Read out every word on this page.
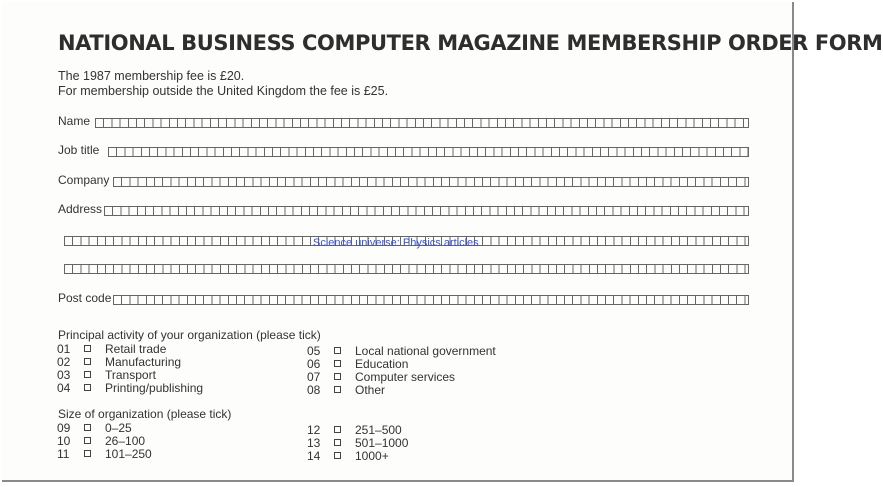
NATIONAL BUSINESS COMPUTER MAGAZINE MEMBERSHIP ORDER FORM
The 1987 membership fee is £20.
For membership outside the United Kingdom the fee is £25.
Name
Job title
Company
Address
Post code
Science universe: Physics articles
Principal activity of your organization (please tick)
01	Retail trade
02	Manufacturing
03	Transport
04	Printing/publishing
05	Local national government
06	Education
07	Computer services
08	Other
Size of organization (please tick)
09	0–25
10	26–100
11	101–250
12	251–500
13	501–1000
14	1000+
